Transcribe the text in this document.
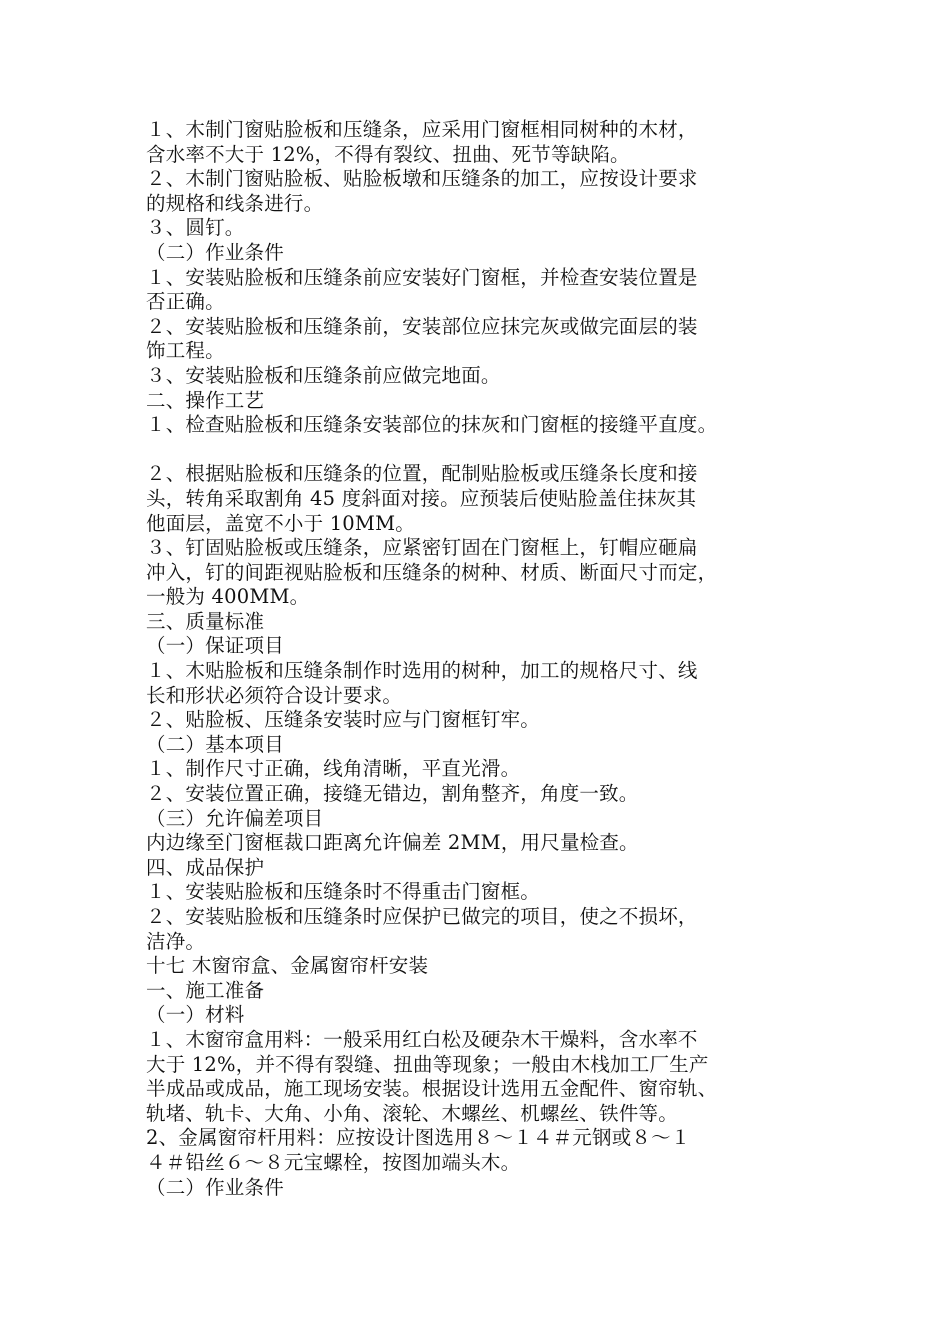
１、木制门窗贴脸板和压缝条，应采用门窗框相同树种的木材，
含水率不大于 12%，不得有裂纹、扭曲、死节等缺陷。
２、木制门窗贴脸板、贴脸板墩和压缝条的加工，应按设计要求
的规格和线条进行。
３、圆钉。
（二）作业条件
１、安装贴脸板和压缝条前应安装好门窗框，并检查安装位置是
否正确。
２、安装贴脸板和压缝条前，安装部位应抹完灰或做完面层的装
饰工程。
３、安装贴脸板和压缝条前应做完地面。
二、操作工艺
１、检查贴脸板和压缝条安装部位的抹灰和门窗框的接缝平直度。
２、根据贴脸板和压缝条的位置，配制贴脸板或压缝条长度和接
头，转角采取割角 45 度斜面对接。应预装后使贴脸盖住抹灰其
他面层，盖宽不小于 10MM。
３、钉固贴脸板或压缝条，应紧密钉固在门窗框上，钉帽应砸扁
冲入，钉的间距视贴脸板和压缝条的树种、材质、断面尺寸而定，
一般为 400MM。
三、质量标准
（一）保证项目
１、木贴脸板和压缝条制作时选用的树种，加工的规格尺寸、线
长和形状必须符合设计要求。
２、贴脸板、压缝条安装时应与门窗框钉牢。
（二）基本项目
１、制作尺寸正确，线角清晰，平直光滑。
２、安装位置正确，接缝无错边，割角整齐，角度一致。
（三）允许偏差项目
内边缘至门窗框裁口距离允许偏差 2MM，用尺量检查。
四、成品保护
１、安装贴脸板和压缝条时不得重击门窗框。
２、安装贴脸板和压缝条时应保护已做完的项目，使之不损坏，
洁净。
十七 木窗帘盒、金属窗帘杆安装
一、施工准备
（一）材料
１、木窗帘盒用料：一般采用红白松及硬杂木干燥料，含水率不
大于 12%，并不得有裂缝、扭曲等现象；一般由木栈加工厂生产
半成品或成品，施工现场安装。根据设计选用五金配件、窗帘轨、
轨堵、轨卡、大角、小角、滚轮、木螺丝、机螺丝、铁件等。
2、金属窗帘杆用料：应按设计图选用８～１４＃元钢或８～１
４＃铅丝６～８元宝螺栓，按图加端头木。
（二）作业条件
